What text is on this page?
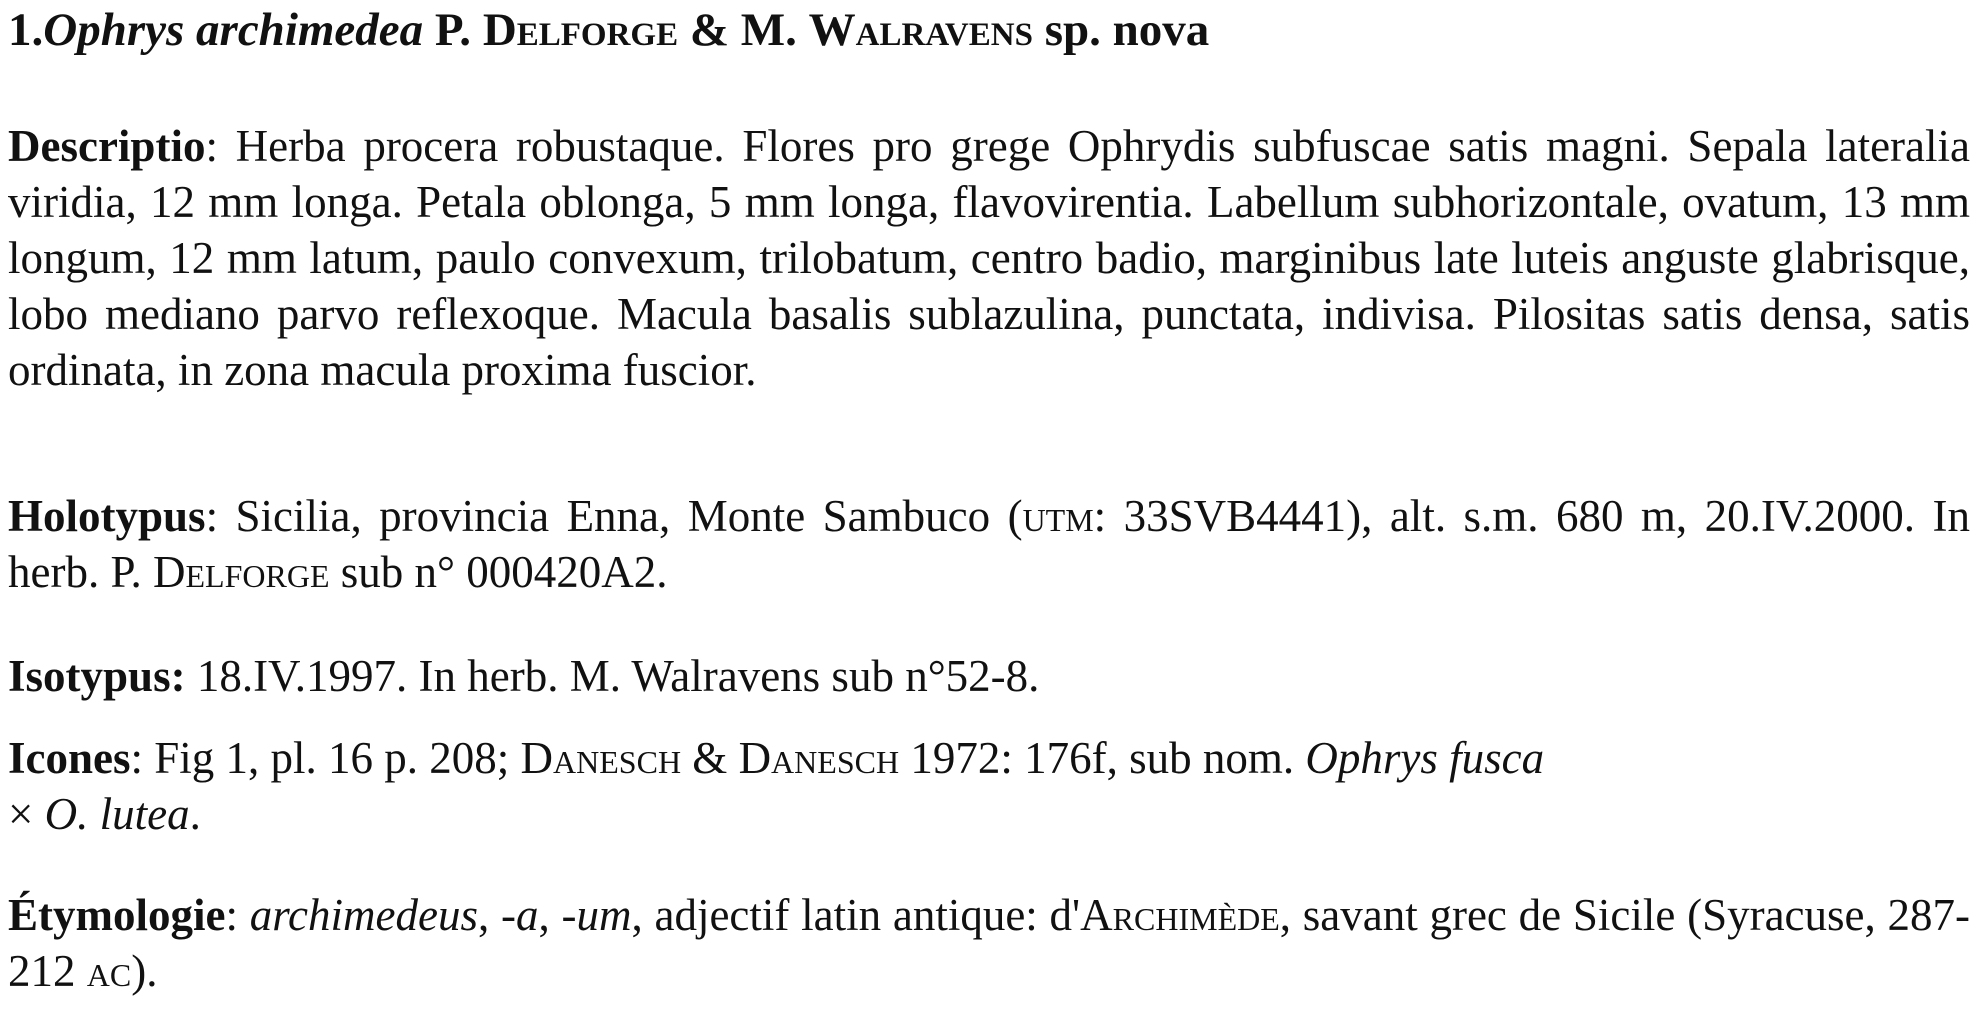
1.Ophrys archimedea P. Delforge & M. Walravens sp. nova

Descriptio: Herba procera robustaque. Flores pro grege Ophrydis subfuscae satis magni. Sepala lateralia viridia, 12 mm longa. Petala oblonga, 5 mm longa, flavovirentia. Labellum subhorizontale, ovatum, 13 mm longum, 12 mm latum, paulo convexum, trilobatum, centro badio, marginibus late luteis anguste glabrisque, lobo mediano parvo reflexoque. Macula basalis sublazulina, punctata, indivisa. Pilositas satis densa, satis ordinata, in zona macula proxima fuscior.

Holotypus: Sicilia, provincia Enna, Monte Sambuco (utm: 33SVB4441), alt. s.m. 680 m, 20.IV.2000. In herb. P. Delforge sub n° 000420A2.

Isotypus: 18.IV.1997. In herb. M. Walravens sub n°52-8.

Icones: Fig 1, pl. 16 p. 208; Danesch & Danesch 1972: 176f, sub nom. Ophrys fusca
× O. lutea.

Étymologie: archimedeus, -a, -um, adjectif latin antique: d'Archimède, savant grec de Sicile (Syracuse, 287-212 ac).
